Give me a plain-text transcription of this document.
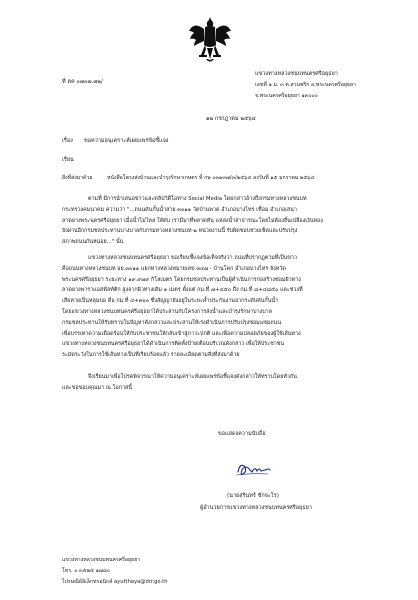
ที่ คค ๐๗๐๗.๗๒/
แขวงทางหลวงชนบทนครศรีอยุธยา
เลขที่ ๑ ม. ๓ ต.สวนพริก อ.พระนครศรีอยุธยา
จ.พระนครศรีอยุธยา ๑๓๐๐๐
๑๒ กรกฎาคม ๒๕๖๔
เรื่อง ขอความอนุเคราะห์เผยแพร่ข้อชี้แจง
เรียน
สิ่งที่ส่งมาด้วย	หนังสือโครงส่งบ้านและบำรุงรักษาเกษตร ที่ กษ ๐๓๑๓๗/๓/๒๕๖๔ ลงวันที่ ๑๕ มกราคม ๒๕๖๔
ตามที่ มีการนำเสนอข่าวและคลิปวิดีโอทาง Social Media โดยกล่าวอ้างถึงกรมทางหลวงชนบท
กระทรวงคมนาคม ความว่า "...ถนนคันกั้นน้ำสาย ๓๐๑๑ วัดบ้านพาด อำเภอบางไทร เชื่อม อำเภอเสนา
ลาดยางพระนครศรีอยุธยา เมื่อน้ำไม่ไหล ให้ดับ เรามีมาที่พลาดทัน แหล่งน้ำสาธารณะโดยไม่ต้องสิ้นเปลืองเงินทอง
จังผ่านอีกกรมชลประทานบางบาลกับกรมทางหลวงชนบท ๒ หน่วยงานนี้ รับผิดชอบช่วยเช็คและปรับปรุง
สภาพถนนกันหน่อย..." นั้น
แขวงทางหลวงชนบทนครศรีอยุธยา ขอเรียนชี้แจงข้อเท็จจริงว่า ถนนที่ปรากฏตามที่เป็นข่าว
คือถนนทางหลวงชนบท อย.๓๐๑๑ แยกทางหลวงหมายเลข ๓๔๗ - บ้านโคก อำเภอบางไทร จังหวัด
พระนครศรีอยุธยา ระยะทาง ๑๙.๙๗๙ กิโลเมตร โดยกรมชลประทานเป็นผู้ดำเนินการก่อสร้างซ่อมผิวทาง
ลาดยางพาราแอสฟัลท์ติก สูงจากผิวทางเดิม ๑ เมตร ตั้งแต่ กม.ที่ ๗+๔๕๐ ถึง กม.ที่ ๘+๔๘๕๐ และช่วงที่
เสียหายเป็นหลุมบ่อ คือ กม.ที่ ๔+๓๐๐ ซึ่งสัญญายังอยู่ในระยะค้ำประกันงานจากระดับคันกั้นน้ำ
โดยแขวงทางหลวงชนบทนครศรีอยุธยาได้ประสานกับโครงการส่งน้ำและบำรุงรักษาบางบาล
กรมชลประทานให้รับทราบในปัญหาดังกล่าวและประสานให้เร่งดำเนินการปรับปรุงซ่อมแซมถนน
เพื่อบรรเทาความเดือดร้อนให้กับประชาชนให้กลับเข้าสู่ภาวะปกติ และเพื่อความปลอดภัยของผู้ใช้เส้นทาง
แขวงทางหลวงชนบทนครศรีอยุธยาได้ดำเนินการติดตั้งป้ายเตือนบริเวณดังกล่าว เพื่อให้ประชาชน
ระมัดระวังในการใช้เส้นทางเป็นที่เรียบร้อยแล้ว รายละเอียดตามสิ่งที่ส่งมาด้วย
จึงเรียนมาเพื่อโปรดพิจารณาให้ความอนุเคราะห์เผยแพร่ข้อชี้แจงดังกล่าวให้ทราบโดยทั่วกัน
และขอขอบคุณมา ณ โอกาสนี้
ขอแสดงความนับถือ
(นายสุรินทร์ ชักจะโร)
ผู้อำนวยการแขวงทางหลวงชนบทนครศรีอยุธยา
แขวงทางหลวงชนบทนครศรีอยุธยา
โทร. ๐ ๓๕๒๕ ๑๗๘๐
ไปรษณีย์อิเล็กทรอนิกส์ ayutthaya@drr.go.th
